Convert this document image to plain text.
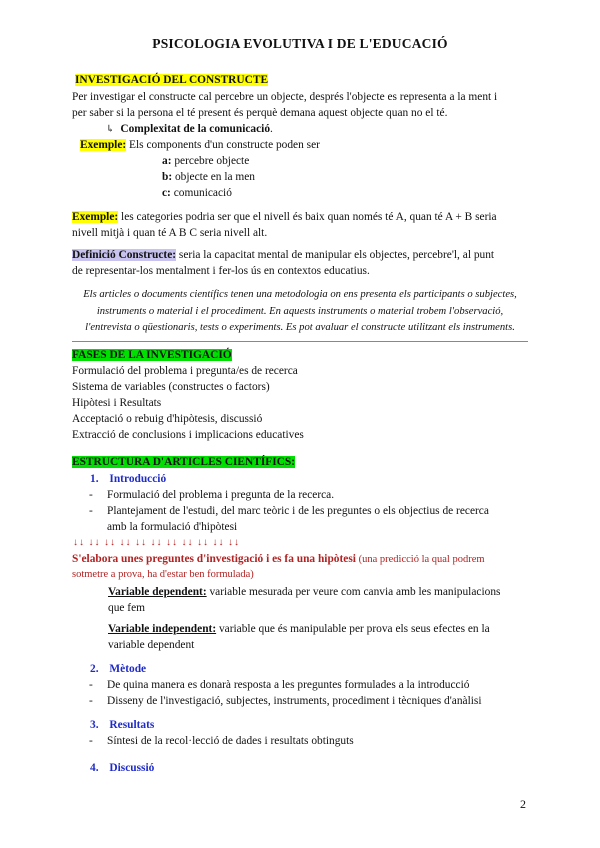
PSICOLOGIA EVOLUTIVA I DE L'EDUCACIÓ
INVESTIGACIÓ DEL CONSTRUCTE
Per investigar el constructe cal percebre un objecte, després l'objecte es representa a la ment i
per saber si la persona el té present és perquè demana aquest objecte quan no el té.
↳ Complexitat de la comunicació.
Exemple: Els components d'un constructe poden ser
a: percebre objecte
b: objecte en la men
c: comunicació
Exemple: les categories podria ser que el nivell és baix quan només té A, quan té A + B seria
nivell mitjà i quan té A B C seria nivell alt.
Definició Constructe: seria la capacitat mental de manipular els objectes, percebre'l, al punt
de representar-los mentalment i fer-los ús en contextos educatius.
Els articles o documents científics tenen una metodologia on ens presenta els participants o subjectes,
instruments o material i el procediment. En aquests instruments o material trobem l'observació,
l'entrevista o qüestionaris, tests o experiments. Es pot avaluar el constructe utilitzant els instruments.
FASES DE LA INVESTIGACIÓ
Formulació del problema i pregunta/es de recerca
Sistema de variables (constructes o factors)
Hipòtesi i Resultats
Acceptació o rebuig d'hipòtesis, discussió
Extracció de conclusions i implicacions educatives
ESTRUCTURA D'ARTICLES CIENTÍFICS:
1. Introducció
- Formulació del problema i pregunta de la recerca.
- Plantejament de l'estudi, del marc teòric i de les preguntes o els objectius de recerca
amb la formulació d'hipòtesi
↓↓ ↓↓ ↓↓ ↓↓ ↓↓ ↓↓ ↓↓ ↓↓ ↓↓ ↓↓ ↓↓
S'elabora unes preguntes d'investigació i es fa una hipòtesi (una predicció la qual podrem
sotmetre a prova, ha d'estar ben formulada)
Variable dependent: variable mesurada per veure com canvia amb les manipulacions
que fem
Variable independent: variable que és manipulable per prova els seus efectes en la
variable dependent
2. Mètode
- De quina manera es donarà resposta a les preguntes formulades a la introducció
- Disseny de l'investigació, subjectes, instruments, procediment i tècniques d'anàlisi
3. Resultats
- Síntesi de la recol·lecció de dades i resultats obtinguts
4. Discussió
2
